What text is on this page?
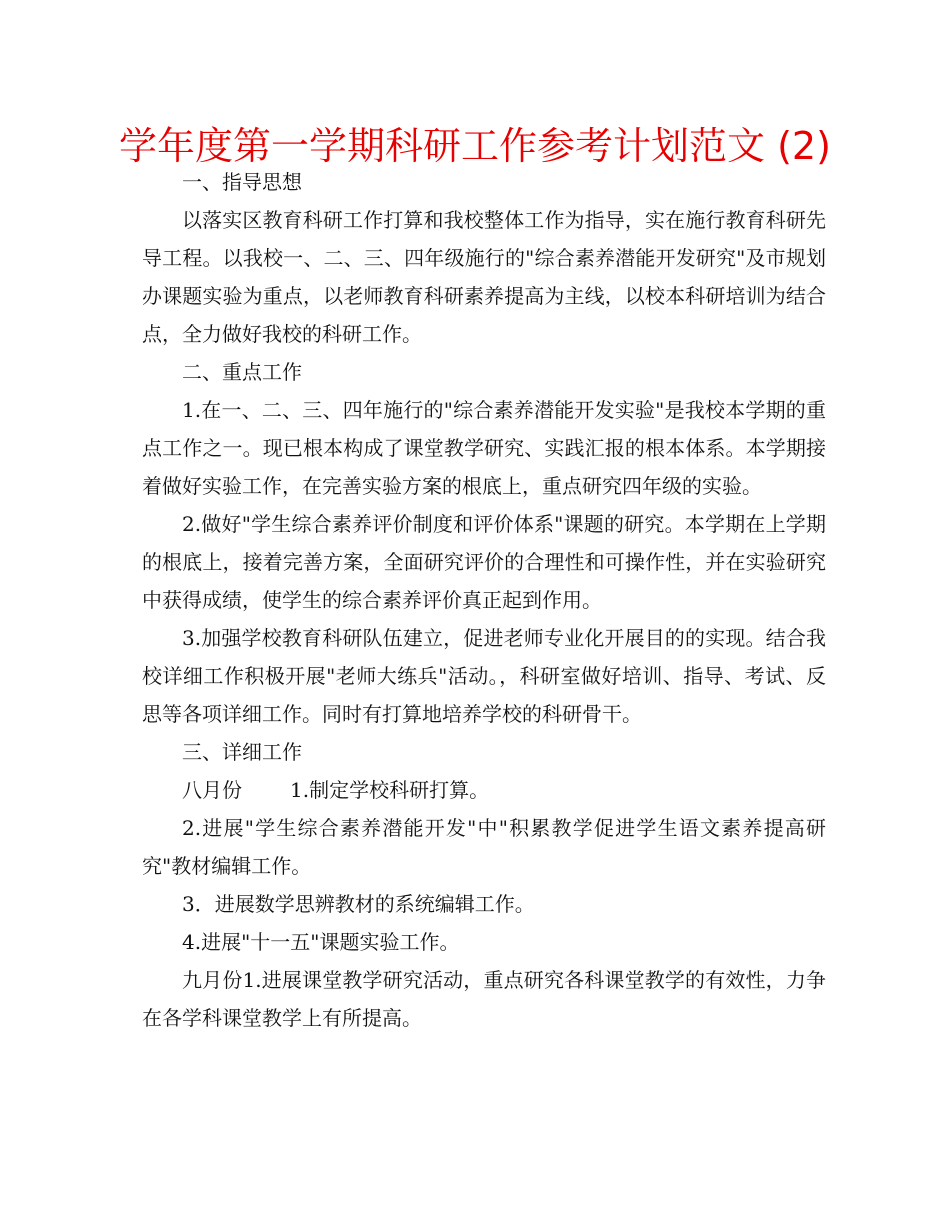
学年度第一学期科研工作参考计划范文 (2)

一、指导思想

以落实区教育科研工作打算和我校整体工作为指导，实在施行教育科研先导工程。以我校一、二、三、四年级施行的"综合素养潜能开发研究"及市规划办课题实验为重点，以老师教育科研素养提高为主线，以校本科研培训为结合点，全力做好我校的科研工作。

二、重点工作

1.在一、二、三、四年施行的"综合素养潜能开发实验"是我校本学期的重点工作之一。现已根本构成了课堂教学研究、实践汇报的根本体系。本学期接着做好实验工作，在完善实验方案的根底上，重点研究四年级的实验。

2.做好"学生综合素养评价制度和评价体系"课题的研究。本学期在上学期的根底上，接着完善方案，全面研究评价的合理性和可操作性，并在实验研究中获得成绩，使学生的综合素养评价真正起到作用。

3.加强学校教育科研队伍建立，促进老师专业化开展目的的实现。结合我校详细工作积极开展"老师大练兵"活动。，科研室做好培训、指导、考试、反思等各项详细工作。同时有打算地培养学校的科研骨干。

三、详细工作

八月份 1.制定学校科研打算。

2.进展"学生综合素养潜能开发"中"积累教学促进学生语文素养提高研究"教材编辑工作。

3．进展数学思辨教材的系统编辑工作。

4.进展"十一五"课题实验工作。

九月份1.进展课堂教学研究活动，重点研究各科课堂教学的有效性，力争在各学科课堂教学上有所提高。
